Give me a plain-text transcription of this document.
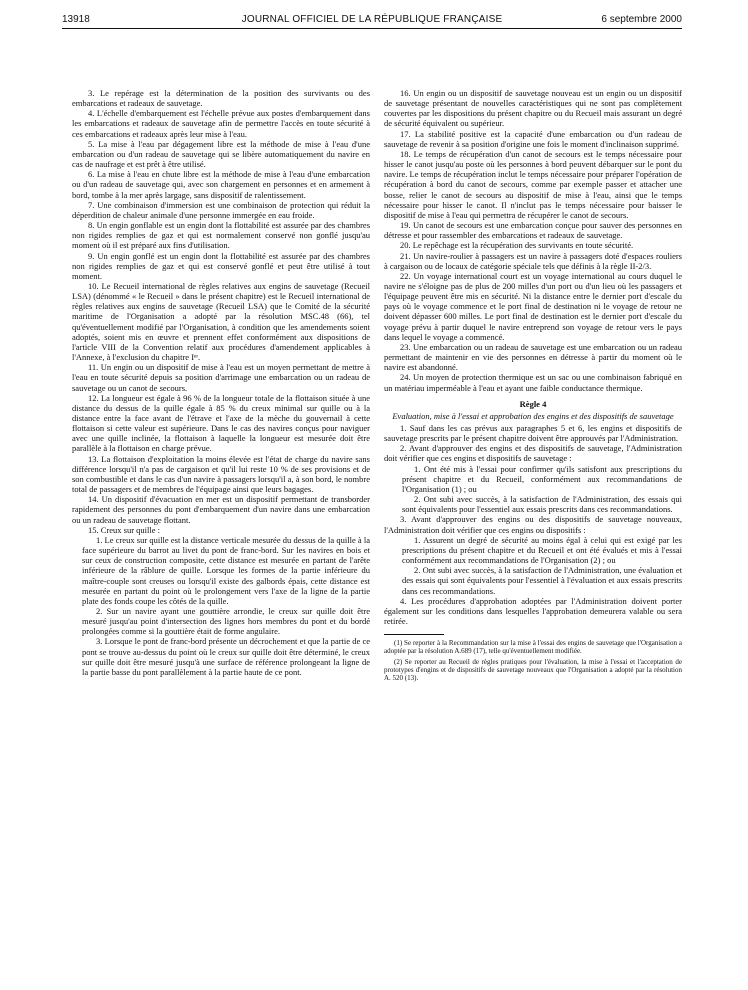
13918	JOURNAL OFFICIEL DE LA RÉPUBLIQUE FRANÇAISE	6 septembre 2000

3. Le repérage est la détermination de la position des survivants ou des embarcations et radeaux de sauvetage.

4. L'échelle d'embarquement est l'échelle prévue aux postes d'embarquement dans les embarcations et radeaux de sauvetage afin de permettre l'accès en toute sécurité à ces embarcations et radeaux après leur mise à l'eau.

5. La mise à l'eau par dégagement libre est la méthode de mise à l'eau d'une embarcation ou d'un radeau de sauvetage qui se libère automatiquement du navire en cas de naufrage et est prêt à être utilisé.

6. La mise à l'eau en chute libre est la méthode de mise à l'eau d'une embarcation ou d'un radeau de sauvetage qui, avec son chargement en personnes et en armement à bord, tombe à la mer après largage, sans dispositif de ralentissement.

7. Une combinaison d'immersion est une combinaison de protection qui réduit la déperdition de chaleur animale d'une personne immergée en eau froide.

8. Un engin gonflable est un engin dont la flottabilité est assurée par des chambres non rigides remplies de gaz et qui est normalement conservé non gonflé jusqu'au moment où il est préparé aux fins d'utilisation.

9. Un engin gonflé est un engin dont la flottabilité est assurée par des chambres non rigides remplies de gaz et qui est conservé gonflé et peut être utilisé à tout moment.

10. Le Recueil international de règles relatives aux engins de sauvetage (Recueil LSA) (dénommé « le Recueil » dans le présent chapitre) est le Recueil international de règles relatives aux engins de sauvetage (Recueil LSA) que le Comité de la sécurité maritime de l'Organisation a adopté par la résolution MSC.48 (66), tel qu'éventuellement modifié par l'Organisation, à condition que les amendements soient adoptés, soient mis en œuvre et prennent effet conformément aux dispositions de l'article VIII de la Convention relatif aux procédures d'amendement applicables à l'Annexe, à l'exclusion du chapitre Iᵉʳ.

11. Un engin ou un dispositif de mise à l'eau est un moyen permettant de mettre à l'eau en toute sécurité depuis sa position d'arrimage une embarcation ou un radeau de sauvetage ou un canot de secours.

12. La longueur est égale à 96 % de la longueur totale de la flottaison située à une distance du dessus de la quille égale à 85 % du creux minimal sur quille ou à la distance entre la face avant de l'étrave et l'axe de la mèche du gouvernail à cette flottaison si cette valeur est supérieure. Dans le cas des navires conçus pour naviguer avec une quille inclinée, la flottaison à laquelle la longueur est mesurée doit être parallèle à la flottaison en charge prévue.

13. La flottaison d'exploitation la moins élevée est l'état de charge du navire sans différence lorsqu'il n'a pas de cargaison et qu'il lui reste 10 % de ses provisions et de son combustible et dans le cas d'un navire à passagers lorsqu'il a, à son bord, le nombre total de passagers et de membres de l'équipage ainsi que leurs bagages.

14. Un dispositif d'évacuation en mer est un dispositif permettant de transborder rapidement des personnes du pont d'embarquement d'un navire dans une embarcation ou un radeau de sauvetage flottant.

15. Creux sur quille :

1. Le creux sur quille est la distance verticale mesurée du dessus de la quille à la face supérieure du barrot au livet du pont de franc-bord. Sur les navires en bois et sur ceux de construction composite, cette distance est mesurée en partant de l'arête inférieure de la râblure de quille. Lorsque les formes de la partie inférieure du maître-couple sont creuses ou lorsqu'il existe des galbords épais, cette distance est mesurée en partant du point où le prolongement vers l'axe de la ligne de la partie plate des fonds coupe les côtés de la quille.

2. Sur un navire ayant une gouttière arrondie, le creux sur quille doit être mesuré jusqu'au point d'intersection des lignes hors membres du pont et du bordé prolongées comme si la gouttière était de forme angulaire.

3. Lorsque le pont de franc-bord présente un décrochement et que la partie de ce pont se trouve au-dessus du point où le creux sur quille doit être déterminé, le creux sur quille doit être mesuré jusqu'à une surface de référence prolongeant la ligne de la partie basse du pont parallèlement à la partie haute de ce pont.

16. Un engin ou un dispositif de sauvetage nouveau est un engin ou un dispositif de sauvetage présentant de nouvelles caractéristiques qui ne sont pas complètement couvertes par les dispositions du présent chapitre ou du Recueil mais assurant un degré de sécurité équivalent ou supérieur.

17. La stabilité positive est la capacité d'une embarcation ou d'un radeau de sauvetage de revenir à sa position d'origine une fois le moment d'inclinaison supprimé.

18. Le temps de récupération d'un canot de secours est le temps nécessaire pour hisser le canot jusqu'au poste où les personnes à bord peuvent débarquer sur le pont du navire. Le temps de récupération inclut le temps nécessaire pour préparer l'opération de récupération à bord du canot de secours, comme par exemple passer et attacher une bosse, relier le canot de secours au dispositif de mise à l'eau, ainsi que le temps nécessaire pour hisser le canot. Il n'inclut pas le temps nécessaire pour baisser le dispositif de mise à l'eau qui permettra de récupérer le canot de secours.

19. Un canot de secours est une embarcation conçue pour sauver des personnes en détresse et pour rassembler des embarcations et radeaux de sauvetage.

20. Le repêchage est la récupération des survivants en toute sécurité.

21. Un navire-roulier à passagers est un navire à passagers doté d'espaces rouliers à cargaison ou de locaux de catégorie spéciale tels que définis à la règle II-2/3.

22. Un voyage international court est un voyage international au cours duquel le navire ne s'éloigne pas de plus de 200 milles d'un port ou d'un lieu où les passagers et l'équipage peuvent être mis en sécurité. Ni la distance entre le dernier port d'escale du pays où le voyage commence et le port final de destination ni le voyage de retour ne doivent dépasser 600 milles. Le port final de destination est le dernier port d'escale du voyage prévu à partir duquel le navire entreprend son voyage de retour vers le pays dans lequel le voyage a commencé.

23. Une embarcation ou un radeau de sauvetage est une embarcation ou un radeau permettant de maintenir en vie des personnes en détresse à partir du moment où le navire est abandonné.

24. Un moyen de protection thermique est un sac ou une combinaison fabriqué en un matériau imperméable à l'eau et ayant une faible conductance thermique.

Règle 4

Evaluation, mise à l'essai et approbation des engins et des dispositifs de sauvetage

1. Sauf dans les cas prévus aux paragraphes 5 et 6, les engins et dispositifs de sauvetage prescrits par le présent chapitre doivent être approuvés par l'Administration.

2. Avant d'approuver des engins et des dispositifs de sauvetage, l'Administration doit vérifier que ces engins et dispositifs de sauvetage :

1. Ont été mis à l'essai pour confirmer qu'ils satisfont aux prescriptions du présent chapitre et du Recueil, conformément aux recommandations de l'Organisation (1) ; ou

2. Ont subi avec succès, à la satisfaction de l'Administration, des essais qui sont équivalents pour l'essentiel aux essais prescrits dans ces recommandations.

3. Avant d'approuver des engins ou des dispositifs de sauvetage nouveaux, l'Administration doit vérifier que ces engins ou dispositifs :

1. Assurent un degré de sécurité au moins égal à celui qui est exigé par les prescriptions du présent chapitre et du Recueil et ont été évalués et mis à l'essai conformément aux recommandations de l'Organisation (2) ; ou

2. Ont subi avec succès, à la satisfaction de l'Administration, une évaluation et des essais qui sont équivalents pour l'essentiel à l'évaluation et aux essais prescrits dans ces recommandations.

4. Les procédures d'approbation adoptées par l'Administration doivent porter également sur les conditions dans lesquelles l'approbation demeurera valable ou sera retirée.

(1) Se reporter à la Recommandation sur la mise à l'essai des engins de sauvetage que l'Organisation a adoptée par la résolution A.689 (17), telle qu'éventuellement modifiée.

(2) Se reporter au Recueil de règles pratiques pour l'évaluation, la mise à l'essai et l'acceptation de prototypes d'engins et de dispositifs de sauvetage nouveaux que l'Organisation a adopté par la résolution A. 520 (13).
